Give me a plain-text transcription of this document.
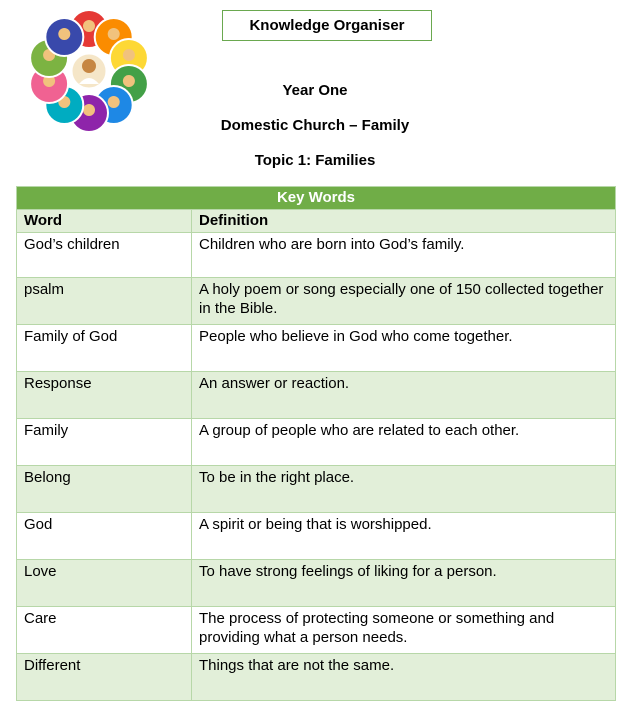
Knowledge Organiser
Year One
Domestic Church – Family
Topic 1: Families
Key Words	
Word	Definition
God’s children	Children who are born into God’s family.
psalm	A holy poem or song especially one of 150 collected together in the Bible.
Family of God	People who believe in God who come together.
Response	An answer or reaction.
Family	A group of people who are related to each other.
Belong	To be in the right place.
God	A spirit or being that is worshipped.
Love	To have strong feelings of liking for a person.
Care	The process of protecting someone or something and providing what a person needs.
Different	Things that are not the same.
